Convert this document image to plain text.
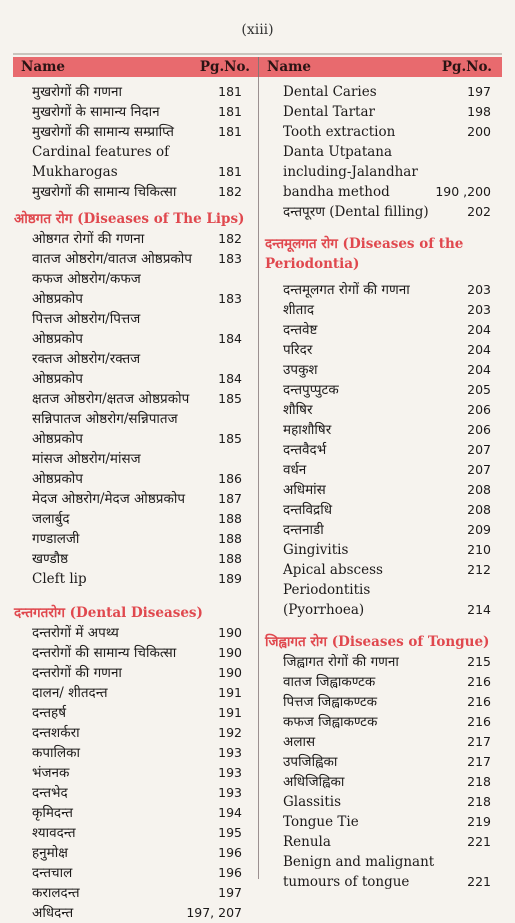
(xiii)
Name	Pg.No. Name	Pg.No.
मुखरोगों की गणना	181
मुखरोगों के सामान्य निदान	181
मुखरोगों की सामान्य सम्प्राप्ति	181
Cardinal features of Mukharogas	181
मुखरोगों की सामान्य चिकित्सा	182
ओष्ठगत रोग (Diseases of The Lips)
ओष्ठगत रोगों की गणना	182
वातज ओष्ठरोग/वातज ओष्ठप्रकोप	183
कफज ओष्ठरोग/कफज ओष्ठप्रकोप	183
पित्तज ओष्ठरोग/पित्तज ओष्ठप्रकोप	184
रक्तज ओष्ठरोग/रक्तज ओष्ठप्रकोप	184
क्षतज ओष्ठरोग/क्षतज ओष्ठप्रकोप	185
सन्निपातज ओष्ठरोग/सन्निपातज ओष्ठप्रकोप	185
मांसज ओष्ठरोग/मांसज ओष्ठप्रकोप	186
मेदज ओष्ठरोग/मेदज ओष्ठप्रकोप	187
जलार्बुद	188
गण्डालजी	188
खण्डौष्ठ	188
Cleft lip	189
दन्तगतरोग (Dental Diseases)
दन्तरोगों में अपथ्य	190
दन्तरोगों की सामान्य चिकित्सा	190
दन्तरोगों की गणना	190
दालन/ शीतदन्त	191
दन्तहर्ष	191
दन्तशर्करा	192
कपालिका	193
भंजनक	193
दन्तभेद	193
कृमिदन्त	194
श्यावदन्त	195
हनुमोक्ष	196
दन्तचाल	196
करालदन्त	197
अधिदन्त	197, 207
Dental Caries	197
Dental Tartar	198
Tooth extraction	200
Danta Utpatana including-Jalandhar bandha method	190 ,200
दन्तपूरण (Dental filling)	202
दन्तमूलगत रोग (Diseases of the Periodontia)
दन्तमूलगत रोगों की गणना	203
शीताद	203
दन्तवेष्ट	204
परिदर	204
उपकुश	204
दन्तपुप्पुटक	205
शौषिर	206
महाशौषिर	206
दन्तवैदर्भ	207
वर्धन	207
अधिमांस	208
दन्तविद्रधि	208
दन्तनाडी	209
Gingivitis	210
Apical abscess	212
Periodontitis (Pyorrhoea)	214
जिह्वागत रोग (Diseases of Tongue)
जिह्वागत रोगों की गणना	215
वातज जिह्वाकण्टक	216
पित्तज जिह्वाकण्टक	216
कफज जिह्वाकण्टक	216
अलास	217
उपजिह्विका	217
अधिजिह्विका	218
Glassitis	218
Tongue Tie	219
Renula	221
Benign and malignant tumours of tongue	221
